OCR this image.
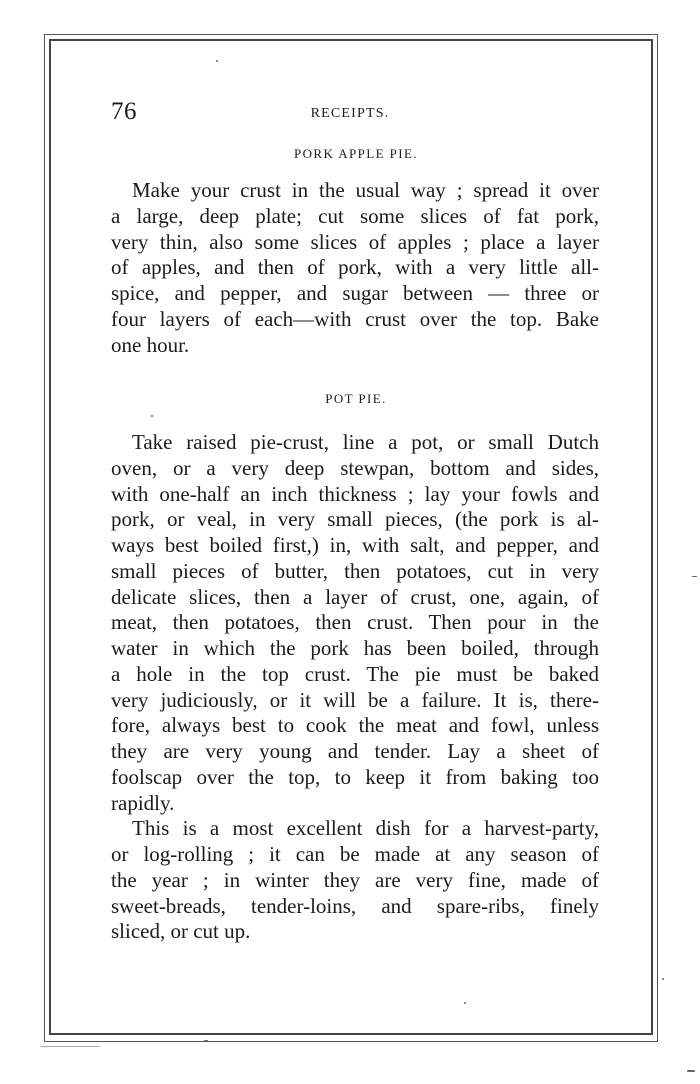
76	RECEIPTS.
PORK APPLE PIE.
Make your crust in the usual way ; spread it over
a large, deep plate; cut some slices of fat pork,
very thin, also some slices of apples ; place a layer
of apples, and then of pork, with a very little all-
spice, and pepper, and sugar between — three or
four layers of each—with crust over the top. Bake
one hour.
POT PIE.
Take raised pie-crust, line a pot, or small Dutch
oven, or a very deep stewpan, bottom and sides,
with one-half an inch thickness ; lay your fowls and
pork, or veal, in very small pieces, (the pork is al-
ways best boiled first,) in, with salt, and pepper, and
small pieces of butter, then potatoes, cut in very
delicate slices, then a layer of crust, one, again, of
meat, then potatoes, then crust. Then pour in the
water in which the pork has been boiled, through
a hole in the top crust. The pie must be baked
very judiciously, or it will be a failure. It is, there-
fore, always best to cook the meat and fowl, unless
they are very young and tender. Lay a sheet of
foolscap over the top, to keep it from baking too
rapidly.
This is a most excellent dish for a harvest-party,
or log-rolling ; it can be made at any season of
the year ; in winter they are very fine, made of
sweet-breads, tender-loins, and spare-ribs, finely
sliced, or cut up.
